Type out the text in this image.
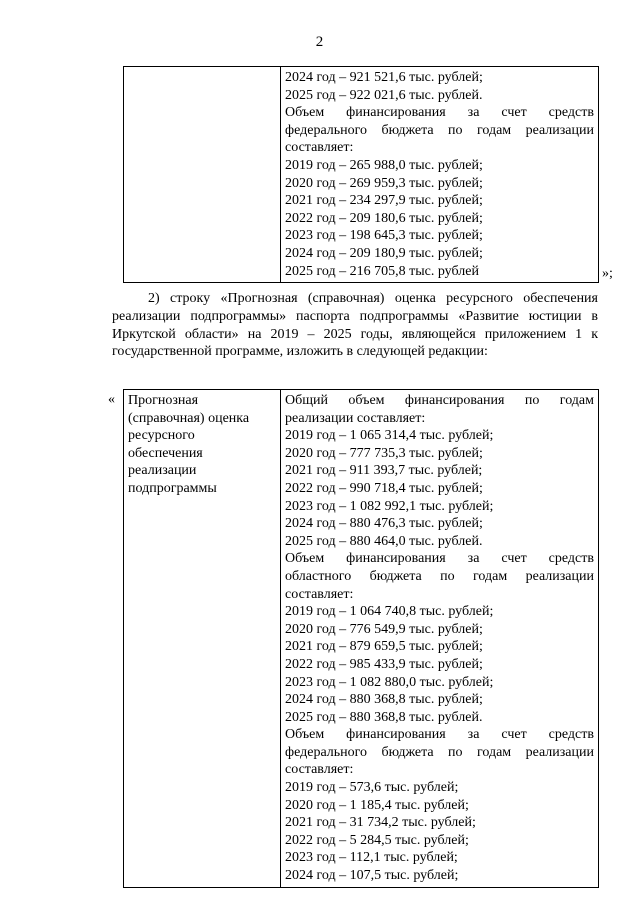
2

2024 год – 921 521,6 тыс. рублей;
2025 год – 922 021,6 тыс. рублей.
Объем финансирования за счет средств
федерального бюджета по годам реализации
составляет:
2019 год – 265 988,0 тыс. рублей;
2020 год – 269 959,3 тыс. рублей;
2021 год – 234 297,9 тыс. рублей;
2022 год – 209 180,6 тыс. рублей;
2023 год – 198 645,3 тыс. рублей;
2024 год – 209 180,9 тыс. рублей;
2025 год – 216 705,8 тыс. рублей	»;
2) строку «Прогнозная (справочная) оценка ресурсного обеспечения
реализации подпрограммы» паспорта подпрограммы «Развитие юстиции в
Иркутской области» на 2019 – 2025 годы, являющейся приложением 1 к
государственной программе, изложить в следующей редакции:
« Прогнозная
(справочная) оценка
ресурсного
обеспечения
реализации
подпрограммы

Общий объем финансирования по годам
реализации составляет:
2019 год – 1 065 314,4 тыс. рублей;
2020 год – 777 735,3 тыс. рублей;
2021 год – 911 393,7 тыс. рублей;
2022 год – 990 718,4 тыс. рублей;
2023 год – 1 082 992,1 тыс. рублей;
2024 год – 880 476,3 тыс. рублей;
2025 год – 880 464,0 тыс. рублей.
Объем финансирования за счет средств
областного бюджета по годам реализации
составляет:
2019 год – 1 064 740,8 тыс. рублей;
2020 год – 776 549,9 тыс. рублей;
2021 год – 879 659,5 тыс. рублей;
2022 год – 985 433,9 тыс. рублей;
2023 год – 1 082 880,0 тыс. рублей;
2024 год – 880 368,8 тыс. рублей;
2025 год – 880 368,8 тыс. рублей.
Объем финансирования за счет средств
федерального бюджета по годам реализации
составляет:
2019 год – 573,6 тыс. рублей;
2020 год – 1 185,4 тыс. рублей;
2021 год – 31 734,2 тыс. рублей;
2022 год – 5 284,5 тыс. рублей;
2023 год – 112,1 тыс. рублей;
2024 год – 107,5 тыс. рублей;
